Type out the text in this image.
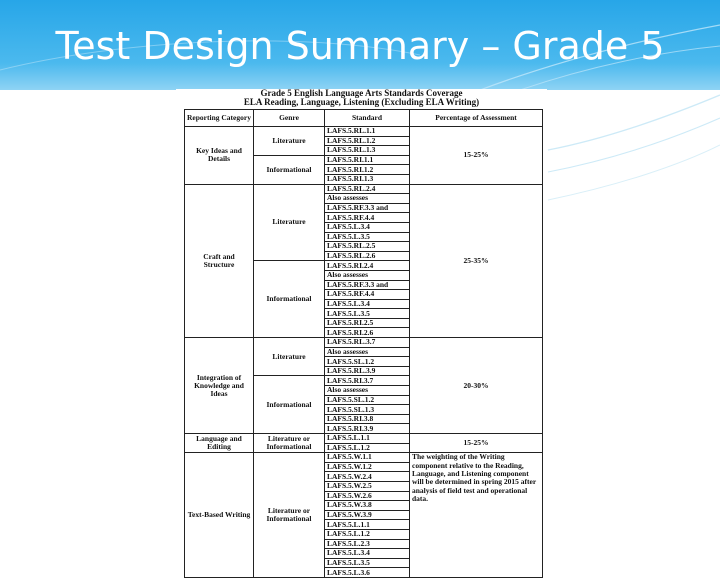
Test Design Summary – Grade 5
Grade 5 English Language Arts Standards Coverage
ELA Reading, Language, Listening (Excluding ELA Writing)
Reporting Category	Genre	Standard	Percentage of Assessment
Key Ideas and Details	Literature	LAFS.5.RL.1.1	15-25%
		LAFS.5.RL.1.2	
		LAFS.5.RL.1.3	
	Informational	LAFS.5.RI.1.1	
		LAFS.5.RI.1.2	
		LAFS.5.RI.1.3	
Craft and Structure	Literature	LAFS.5.RL.2.4	25-35%
		Also assesses	
		LAFS.5.RF.3.3 and	
		LAFS.5.RF.4.4	
		LAFS.5.L.3.4	
		LAFS.5.L.3.5	
		LAFS.5.RL.2.5	
		LAFS.5.RL.2.6	
	Informational	LAFS.5.RI.2.4	
		Also assesses	
		LAFS.5.RF.3.3 and	
		LAFS.5.RF.4.4	
		LAFS.5.L.3.4	
		LAFS.5.L.3.5	
		LAFS.5.RI.2.5	
		LAFS.5.RI.2.6	
Integration of Knowledge and Ideas	Literature	LAFS.5.RL.3.7	20-30%
		Also assesses	
		LAFS.5.SL.1.2	
		LAFS.5.RL.3.9	
	Informational	LAFS.5.RI.3.7	
		Also assesses	
		LAFS.5.SL.1.2	
		LAFS.5.SL.1.3	
		LAFS.5.RI.3.8	
		LAFS.5.RI.3.9	
Language and Editing	Literature or Informational	LAFS.5.L.1.1	15-25%
		LAFS.5.L.1.2	
Text-Based Writing	Literature or Informational	LAFS.5.W.1.1	The weighting of the Writing component relative to the Reading, Language, and Listening component will be determined in spring 2015 after analysis of field test and operational data.
		LAFS.5.W.1.2	
		LAFS.5.W.2.4	
		LAFS.5.W.2.5	
		LAFS.5.W.2.6	
		LAFS.5.W.3.8	
		LAFS.5.W.3.9	
		LAFS.5.L.1.1	
		LAFS.5.L.1.2	
		LAFS.5.L.2.3	
		LAFS.5.L.3.4	
		LAFS.5.L.3.5	
		LAFS.5.L.3.6	
